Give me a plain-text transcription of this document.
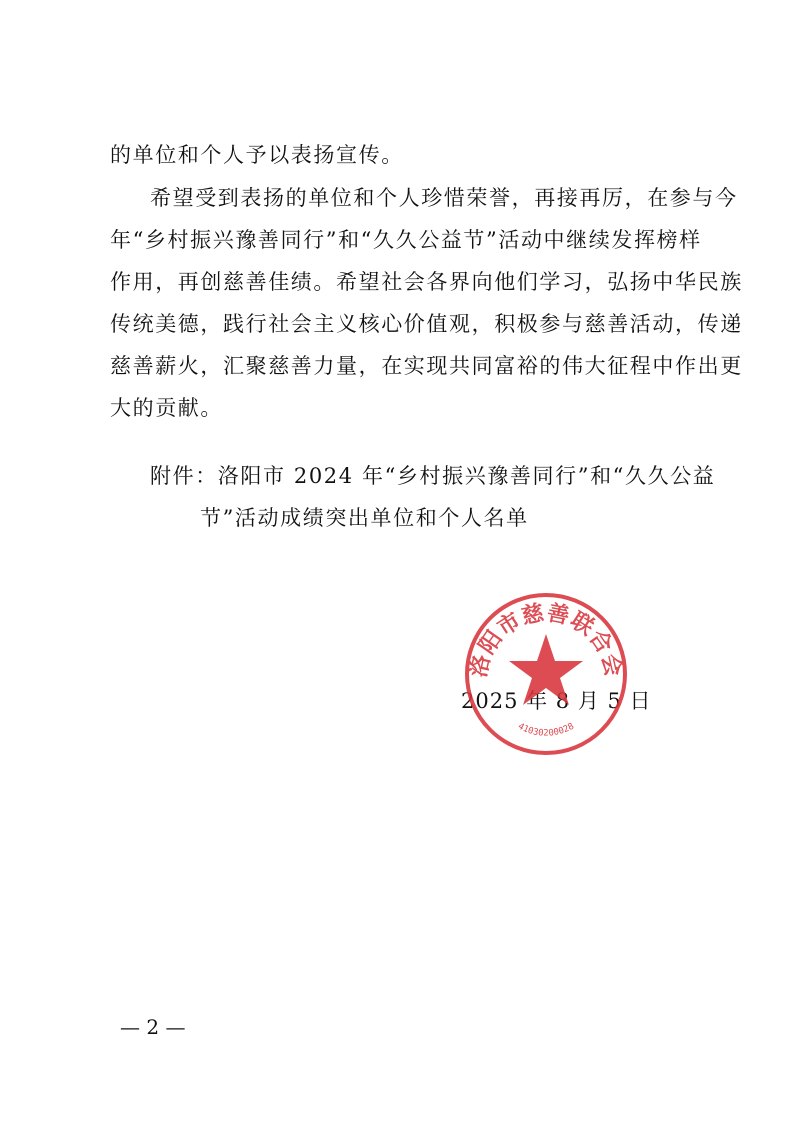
的单位和个人予以表扬宣传。
希望受到表扬的单位和个人珍惜荣誉，再接再厉，在参与今
年“乡村振兴豫善同行”和“久久公益节”活动中继续发挥榜样
作用，再创慈善佳绩。希望社会各界向他们学习，弘扬中华民族
传统美德，践行社会主义核心价值观，积极参与慈善活动，传递
慈善薪火，汇聚慈善力量，在实现共同富裕的伟大征程中作出更
大的贡献。
附件：洛阳市 2024 年“乡村振兴豫善同行”和“久久公益
节”活动成绩突出单位和个人名单
2025 年 8 月 5 日
洛阳市慈善联合会
41030200028
— 2 —
